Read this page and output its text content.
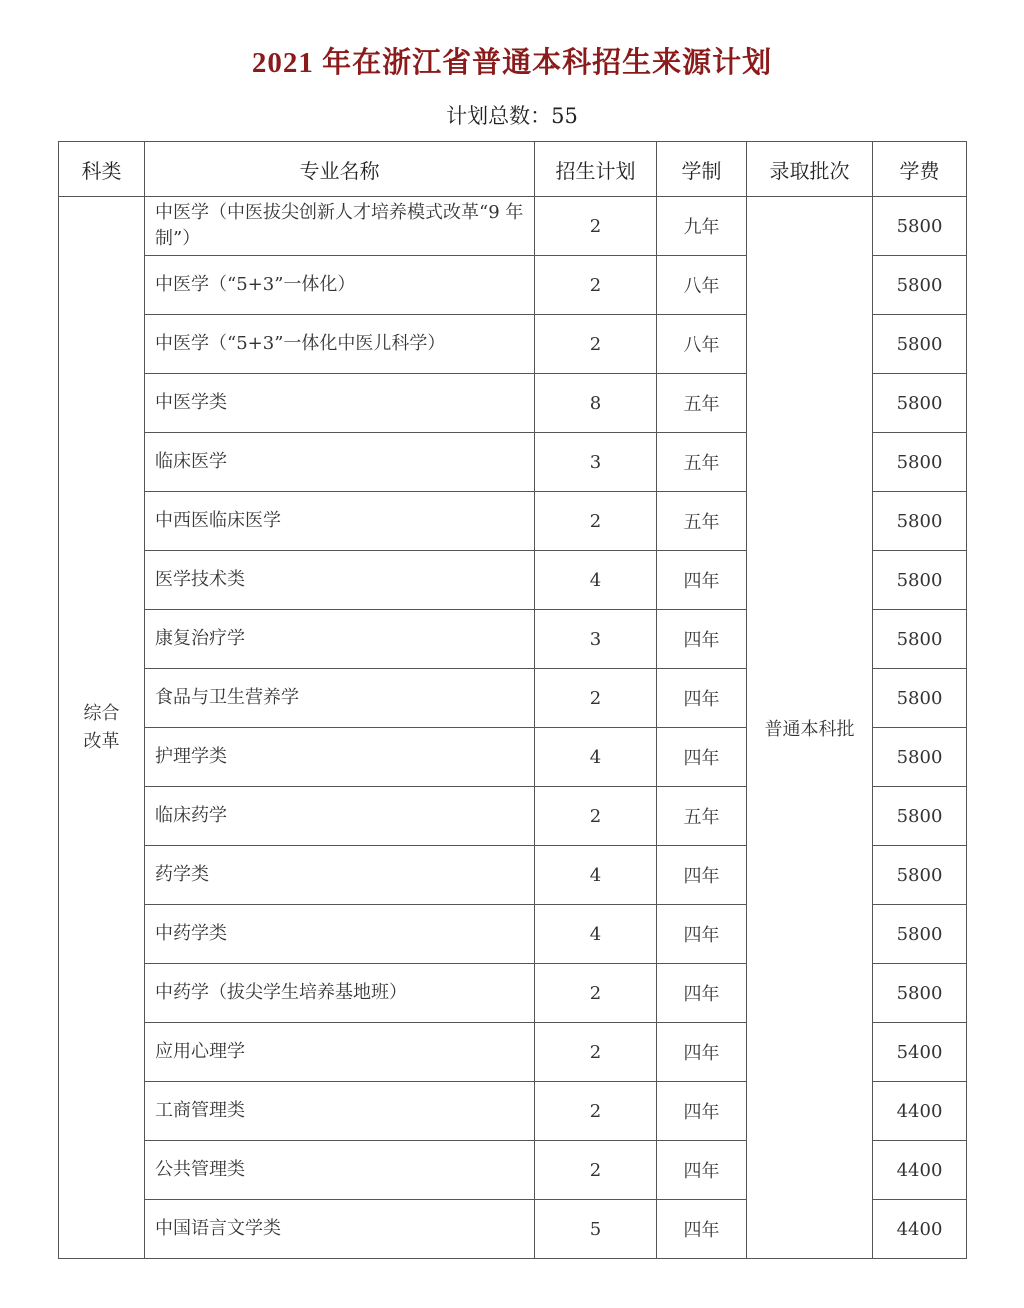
2021 年在浙江省普通本科招生来源计划
计划总数：55
科类	专业名称	招生计划	学制	录取批次	学费
综合改革	中医学（中医拔尖创新人才培养模式改革“9 年制”）	2	九年	普通本科批	5800
	中医学（“5+3”一体化）	2	八年		5800
	中医学（“5+3”一体化中医儿科学）	2	八年		5800
	中医学类	8	五年		5800
	临床医学	3	五年		5800
	中西医临床医学	2	五年		5800
	医学技术类	4	四年		5800
	康复治疗学	3	四年		5800
	食品与卫生营养学	2	四年		5800
	护理学类	4	四年		5800
	临床药学	2	五年		5800
	药学类	4	四年		5800
	中药学类	4	四年		5800
	中药学（拔尖学生培养基地班）	2	四年		5800
	应用心理学	2	四年		5400
	工商管理类	2	四年		4400
	公共管理类	2	四年		4400
	中国语言文学类	5	四年		4400
